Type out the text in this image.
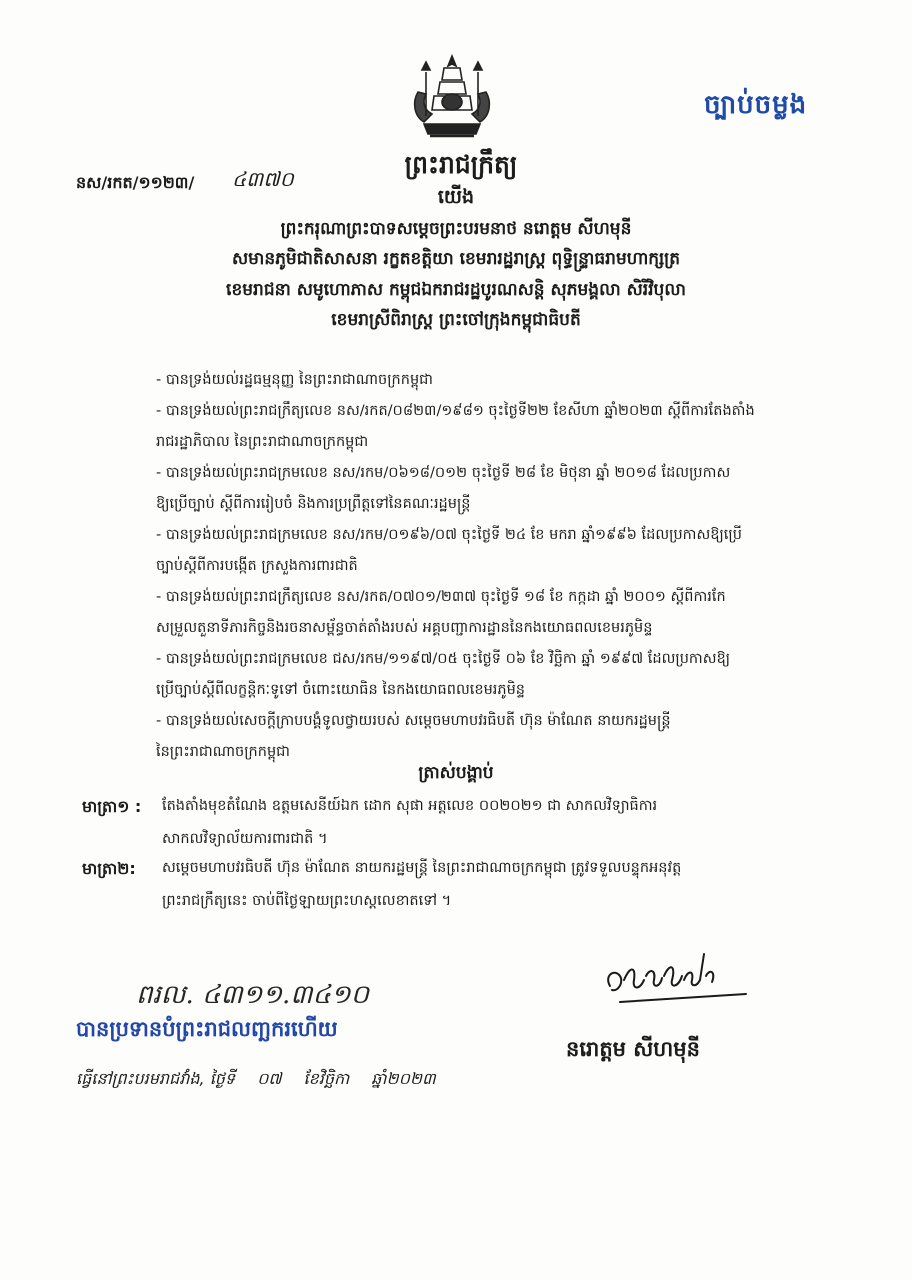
ច្បាប់ចម្លង
ព្រះរាជក្រឹត្យ
នស/រកត/១១២៣/ ៤៣៧០
យើង
ព្រះករុណាព្រះបាទសម្តេចព្រះបរមនាថ នរោត្តម សីហមុនី
សមានភូមិជាតិសាសនា រក្ខតខត្តិយា ខេមរារដ្ឋរាស្ត្រ ពុទ្ធិន្ទ្រាធរាមហាក្សត្រ
ខេមរាជនា សមូហោភាស កម្ពុជឯករាជរដ្ឋបូរណសន្តិ សុភមង្គលា សិរីវិបុលា
ខេមរាស្រីពិរាស្ត្រ ព្រះចៅក្រុងកម្ពុជាធិបតី
- បានទ្រង់យល់រដ្ឋធម្មនុញ្ញ នៃព្រះរាជាណាចក្រកម្ពុជា
- បានទ្រង់យល់ព្រះរាជក្រឹត្យលេខ នស/រកត/០៨២៣/១៩៨១ ចុះថ្ងៃទី២២ ខែសីហា ឆ្នាំ២០២៣ ស្តីពីការតែងតាំង
រាជរដ្ឋាភិបាល នៃព្រះរាជាណាចក្រកម្ពុជា
- បានទ្រង់យល់ព្រះរាជក្រមលេខ នស/រកម/០៦១៨/០១២ ចុះថ្ងៃទី ២៨ ខែ មិថុនា ឆ្នាំ ២០១៨ ដែលប្រកាស
ឱ្យប្រើច្បាប់ ស្តីពីការរៀបចំ និងការប្រព្រឹត្តទៅនៃគណៈរដ្ឋមន្ត្រី
- បានទ្រង់យល់ព្រះរាជក្រមលេខ នស/រកម/០១៩៦/០៧ ចុះថ្ងៃទី ២៤ ខែ មករា ឆ្នាំ១៩៩៦ ដែលប្រកាសឱ្យប្រើ
ច្បាប់ស្តីពីការបង្កើត ក្រសួងការពារជាតិ
- បានទ្រង់យល់ព្រះរាជក្រឹត្យលេខ នស/រកត/០៧០១/២៣៧ ចុះថ្ងៃទី ១៨ ខែ កក្កដា ឆ្នាំ ២០០១ ស្តីពីការកែ
សម្រួលតួនាទីភារកិច្ចនិងរចនាសម្ព័ន្ធចាត់តាំងរបស់ អគ្គបញ្ជាការដ្ឋាននៃកងយោធពលខេមរភូមិន្ទ
- បានទ្រង់យល់ព្រះរាជក្រមលេខ ជស/រកម/១១៩៧/០៥ ចុះថ្ងៃទី ០៦ ខែ វិច្ឆិកា ឆ្នាំ ១៩៩៧ ដែលប្រកាសឱ្យ
ប្រើច្បាប់ស្តីពីលក្ខន្តិកៈទូទៅ ចំពោះយោធិន នៃកងយោធពលខេមរភូមិន្ទ
- បានទ្រង់យល់សេចក្តីក្រាបបង្គំទូលថ្វាយរបស់ សម្តេចមហាបវរធិបតី ហ៊ុន ម៉ាណែត នាយករដ្ឋមន្ត្រី
នៃព្រះរាជាណាចក្រកម្ពុជា
ត្រាស់បង្គាប់
មាត្រា១ : តែងតាំងមុខតំណែង ឧត្តមសេនីយ៍ឯក ដោក សុផា អត្តលេខ ០០២០២១ ជា សាកលវិទ្យាធិការ
សាកលវិទ្យាល័យការពារជាតិ ។
មាត្រា២: សម្តេចមហាបវរធិបតី ហ៊ុន ម៉ាណែត នាយករដ្ឋមន្ត្រី នៃព្រះរាជាណាចក្រកម្ពុជា ត្រូវទទួលបន្ទុកអនុវត្ត
ព្រះរាជក្រឹត្យនេះ ចាប់ពីថ្ងៃឡាយព្រះហស្តលេខាតទៅ ។
ពរល. ៤៣១១.៣៤១០
បានប្រទានបំព្រះរាជលញ្ឆករហើយ
ធ្វើនៅព្រះបរមរាជវាំង, ថ្ងៃទី ០៧ ខែវិច្ឆិកា ឆ្នាំ២០២៣
នរោត្តម សីហមុនី
